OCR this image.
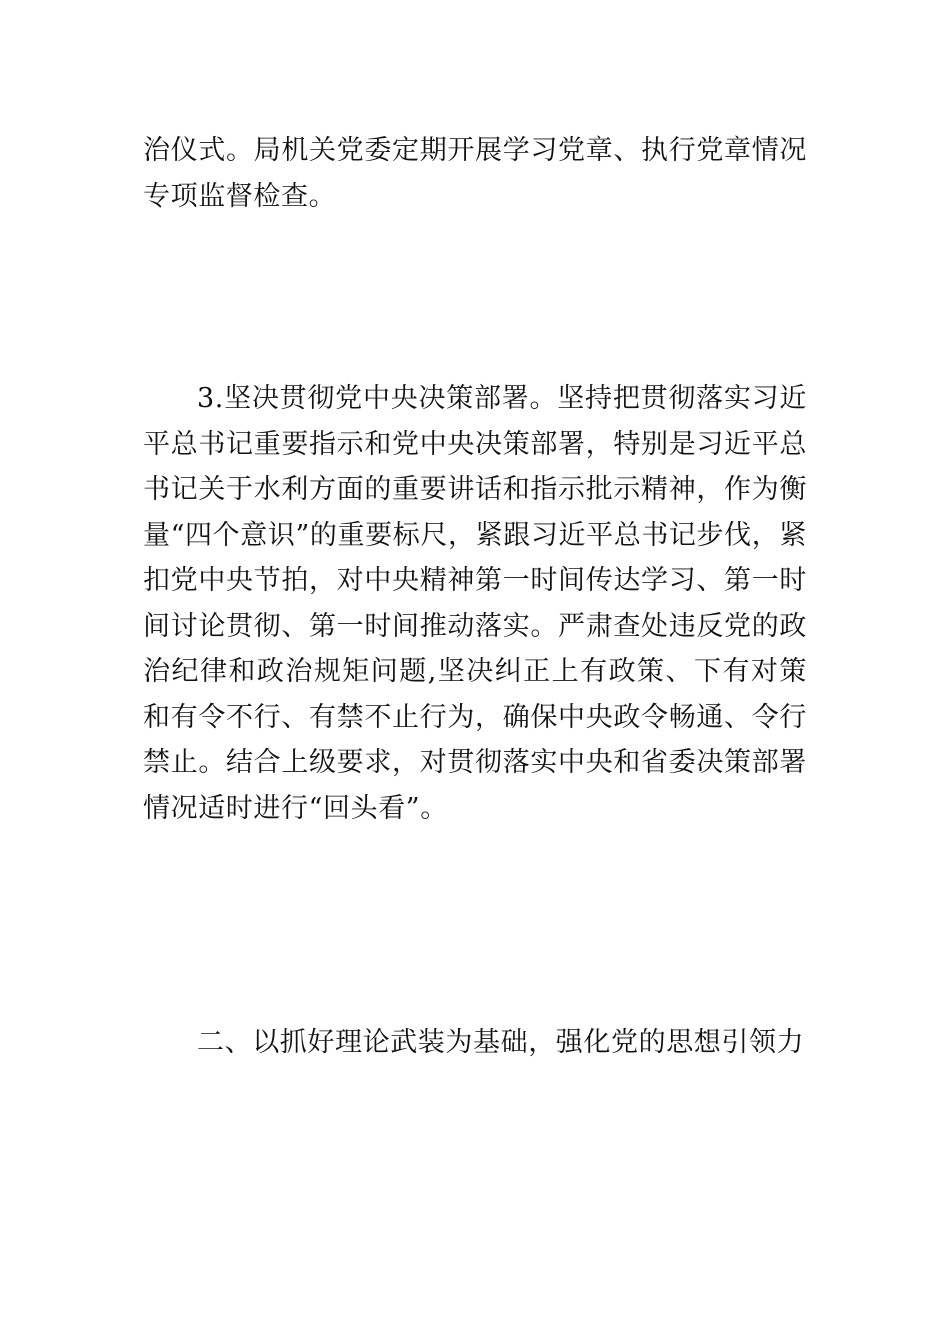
治仪式。局机关党委定期开展学习党章、执行党章情况专项监督检查。

3.坚决贯彻党中央决策部署。坚持把贯彻落实习近平总书记重要指示和党中央决策部署，特别是习近平总书记关于水利方面的重要讲话和指示批示精神，作为衡量“四个意识”的重要标尺，紧跟习近平总书记步伐，紧扣党中央节拍，对中央精神第一时间传达学习、第一时间讨论贯彻、第一时间推动落实。严肃查处违反党的政治纪律和政治规矩问题,坚决纠正上有政策、下有对策和有令不行、有禁不止行为，确保中央政令畅通、令行禁止。结合上级要求，对贯彻落实中央和省委决策部署情况适时进行“回头看”。

二、以抓好理论武装为基础，强化党的思想引领力
